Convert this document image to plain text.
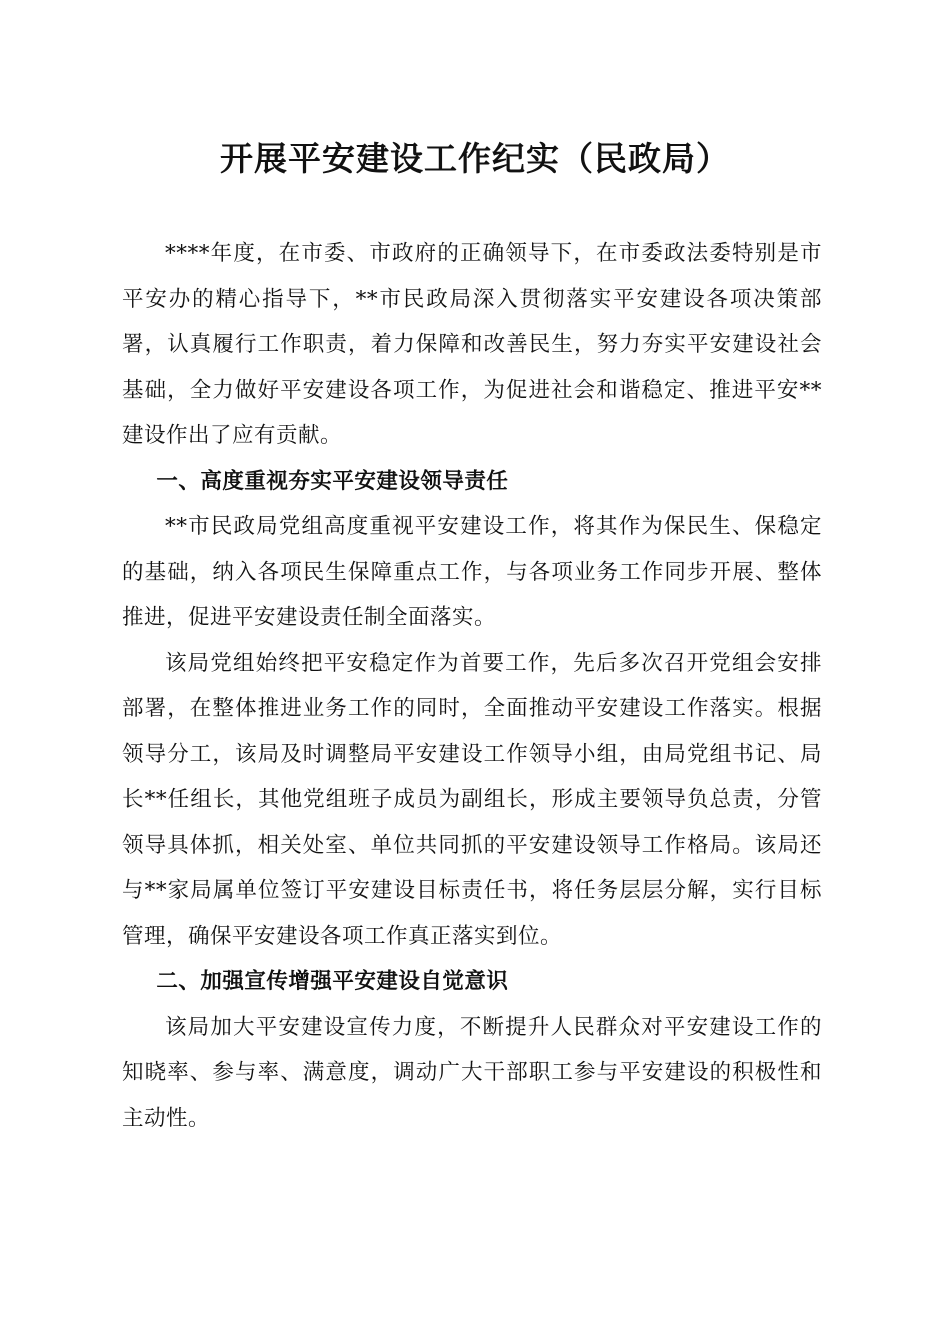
开展平安建设工作纪实（民政局）

****年度，在市委、市政府的正确领导下，在市委政法委特别是市平安办的精心指导下，**市民政局深入贯彻落实平安建设各项决策部署，认真履行工作职责，着力保障和改善民生，努力夯实平安建设社会基础，全力做好平安建设各项工作，为促进社会和谐稳定、推进平安**建设作出了应有贡献。

一、高度重视夯实平安建设领导责任

**市民政局党组高度重视平安建设工作，将其作为保民生、保稳定的基础，纳入各项民生保障重点工作，与各项业务工作同步开展、整体推进，促进平安建设责任制全面落实。

该局党组始终把平安稳定作为首要工作，先后多次召开党组会安排部署，在整体推进业务工作的同时，全面推动平安建设工作落实。根据领导分工，该局及时调整局平安建设工作领导小组，由局党组书记、局长**任组长，其他党组班子成员为副组长，形成主要领导负总责，分管领导具体抓，相关处室、单位共同抓的平安建设领导工作格局。该局还与**家局属单位签订平安建设目标责任书，将任务层层分解，实行目标管理，确保平安建设各项工作真正落实到位。

二、加强宣传增强平安建设自觉意识

该局加大平安建设宣传力度，不断提升人民群众对平安建设工作的知晓率、参与率、满意度，调动广大干部职工参与平安建设的积极性和主动性。
